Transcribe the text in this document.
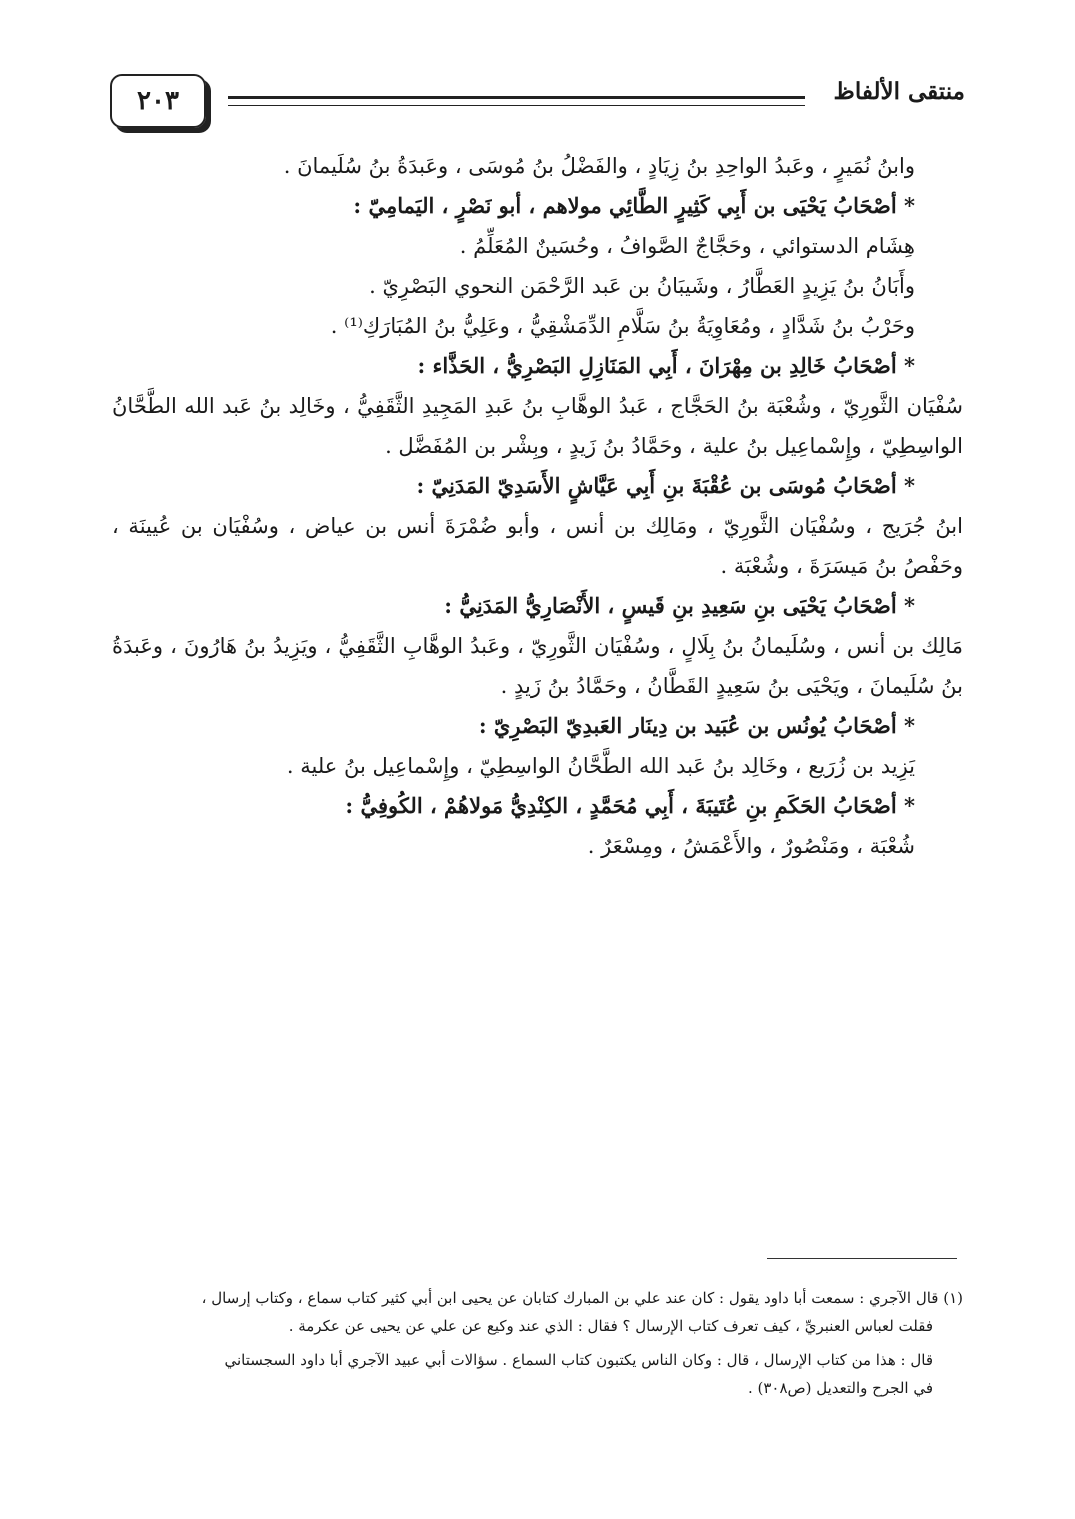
٢٠٣	منتقى الألفاظ

وابنُ نُمَيرٍ ، وعَبدُ الواحِدِ بنُ زِيَادٍ ، والفَضْلُ بنُ مُوسَى ، وعَبدَةُ بنُ سُلَيمانَ .

* أصْحَابُ يَحْيَى بن أَبِي كَثِيرٍ الطَّائِي مولاهم ، أبو نَصْرٍ ، اليَمامِيّ :

هِشَام الدستوائي ، وحَجَّاجٌ الصَّوافُ ، وحُسَينٌ المُعَلِّمُ .

وأَبَانُ بنُ يَزِيدٍ العَطَّارُ ، وشَيبَانُ بن عَبد الرَّحْمَن النحوي البَصْرِيّ .

وحَرْبُ بنُ شَدَّادٍ ، ومُعَاوِيَةُ بنُ سَلَّامِ الدِّمَشْقِيُّ ، وعَلِيُّ بنُ المُبَارَكِ⁽¹⁾ .

* أصْحَابُ خَالِدِ بن مِهْرَانَ ، أَبِي المَنَازِلِ البَصْرِيُّ ، الحَذَّاء :

سُفْيَان الثَّورِيّ ، وشُعْبَة بنُ الحَجَّاج ، عَبدُ الوهَّابِ بنُ عَبدِ المَجِيدِ الثَّقَفِيُّ ، وخَالِد بنُ عَبد الله الطَّحَّانُ الواسِطِيّ ، وإِسْماعِيل بنُ علية ، وحَمَّادُ بنُ زَيدٍ ، وبِشْر بن المُفَضَّل .

* أصْحَابُ مُوسَى بن عُقْبَةَ بنِ أَبِي عَيَّاشٍ الأَسَدِيّ المَدَنِيّ :

ابنُ جُرَيج ، وسُفْيَان الثَّورِيّ ، ومَالِك بن أنس ، وأبو ضُمْرَةَ أنس بن عياض ، وسُفْيَان بن عُيينَة ، وحَفْصُ بنُ مَيسَرَةَ ، وشُعْبَة .

* أصْحَابُ يَحْيَى بنِ سَعِيدِ بنِ قَيسٍ ، الأَنْصَارِيُّ المَدَنِيُّ :

مَالِك بن أنس ، وسُلَيمانُ بنُ بِلَالٍ ، وسُفْيَان الثَّورِيّ ، وعَبدُ الوهَّابِ الثَّقَفِيُّ ، ويَزِيدُ بنُ هَارُونَ ، وعَبدَةُ بنُ سُلَيمانَ ، ويَحْيَى بنُ سَعِيدٍ القَطَّانُ ، وحَمَّادُ بنُ زَيدٍ .

* أصْحَابُ يُونُس بن عُبَيد بن دِينَار العَبدِيّ البَصْرِيّ :

يَزِيد بن زُرَيع ، وخَالِد بنُ عَبد الله الطَّحَّانُ الواسِطِيّ ، وإِسْماعِيل بنُ علية .

* أصْحَابُ الحَكَمِ بنِ عُتَيبَةَ ، أَبِي مُحَمَّدٍ ، الكِنْدِيُّ مَولاهُمْ ، الكُوفِيُّ :

شُعْبَة ، ومَنْصُورٌ ، والأَعْمَشُ ، ومِسْعَرٌ .

(١) قال الآجري : سمعت أبا داود يقول : كان عند علي بن المبارك كتابان عن يحيى ابن أبي كثير كتاب سماع ، وكتاب إرسال ،

فقلت لعباس العنبريِّ ، كيف تعرف كتاب الإرسال ؟ فقال : الذي عند وكيع عن علي عن يحيى عن عكرمة .

قال : هذا من كتاب الإرسال ، قال : وكان الناس يكتبون كتاب السماع . سؤالات أبي عبيد الآجري أبا داود السجستاني

في الجرح والتعديل (ص٣٠٨) .
